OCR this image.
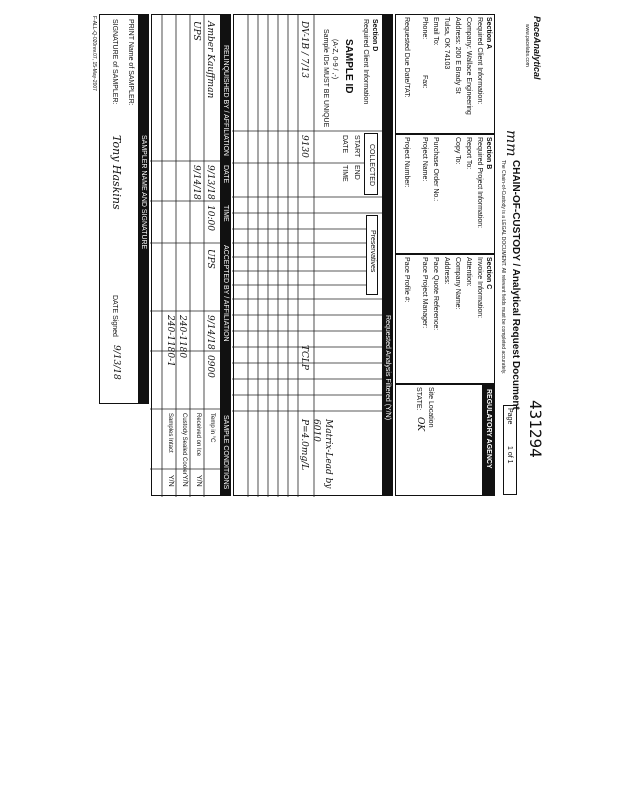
PaceAnalytical
www.pacelabs.com
CHAIN-OF-CUSTODY / Analytical Request Document
The Chain-of-Custody is a LEGAL DOCUMENT. All relevant fields must be completed accurately.
mm
431294
Page
1 of 1
Section A
Required Client Information:
Company: Wallace Engineering
Address: 200 E Brady St
Tulsa, OK 74103
Email To:
Phone:
Fax:
Requested Due Date/TAT:
Section B
Required Project Information:
Report To:
Copy To:
Purchase Order No.:
Project Name:
Project Number:
Section C
Invoice Information:
Attention:
Company Name:
Address:
Pace Quote Reference:
Pace Project Manager:
Pace Profile #:
REGULATORY AGENCY
Site Location
STATE:
OK
Requested Analysis Filtered (Y/N)
Section D
Required Client Information
SAMPLE ID
(A-Z, 0-9 / ,-)
Sample IDs MUST BE UNIQUE
COLLECTED
START
END
DATE
TIME
Preservatives
DV-1B / 7/13
9130
TCLP
Matrix-Lead by
6010
P=4.0mg/L
RELINQUISHED BY / AFFILIATION
DATE
TIME
ACCEPTED BY / AFFILIATION
SAMPLE CONDITIONS
Amber Kauffman
9/13/18
10:00
UPS
9/14/18
0900
UPS
9/14/18
240-1180
240-1180-1
Temp in °C
Received on Ice
Custody Sealed Cooler
Samples Intact
Y/N
Y/N
Y/N
SAMPLER NAME AND SIGNATURE
PRINT Name of SAMPLER:
SIGNATURE of SAMPLER:
Tony Haskins
DATE Signed
9/13/18
F-ALL-Q-020rev.07, 15-May-2007
